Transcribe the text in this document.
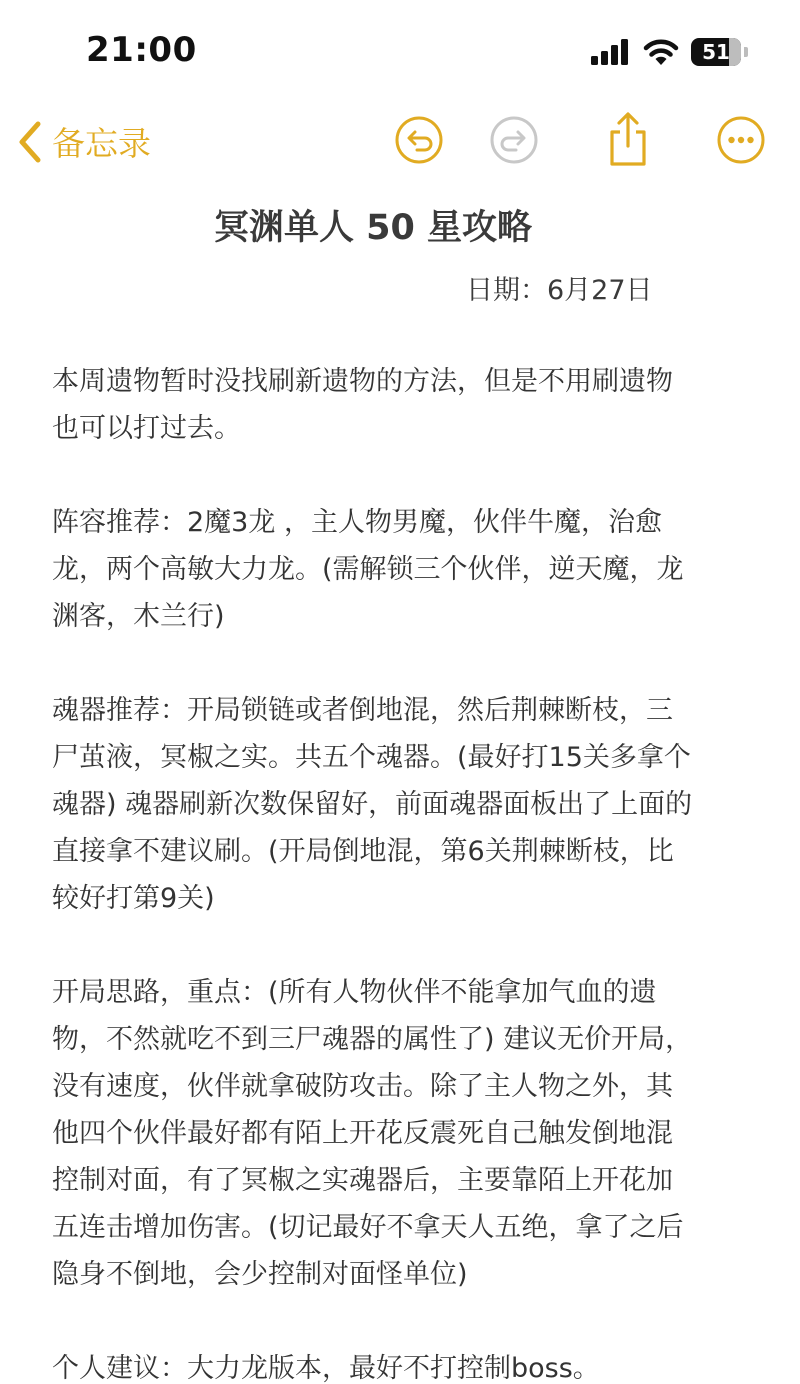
21:00	51
备忘录
冥渊单人 50 星攻略
日期：6月27日

本周遗物暂时没找刷新遗物的方法，但是不用刷遗物
也可以打过去。

阵容推荐：2魔3龙 ，主人物男魔，伙伴牛魔，治愈
龙，两个高敏大力龙。(需解锁三个伙伴，逆天魔，龙
渊客，木兰行)

魂器推荐：开局锁链或者倒地混，然后荆棘断枝，三
尸茧液，冥椒之实。共五个魂器。(最好打15关多拿个
魂器) 魂器刷新次数保留好，前面魂器面板出了上面的
直接拿不建议刷。(开局倒地混，第6关荆棘断枝，比
较好打第9关)

开局思路，重点：(所有人物伙伴不能拿加气血的遗
物，不然就吃不到三尸魂器的属性了) 建议无价开局，
没有速度，伙伴就拿破防攻击。除了主人物之外，其
他四个伙伴最好都有陌上开花反震死自己触发倒地混
控制对面，有了冥椒之实魂器后，主要靠陌上开花加
五连击增加伤害。(切记最好不拿天人五绝，拿了之后
隐身不倒地，会少控制对面怪单位)

个人建议：大力龙版本，最好不打控制boss。
